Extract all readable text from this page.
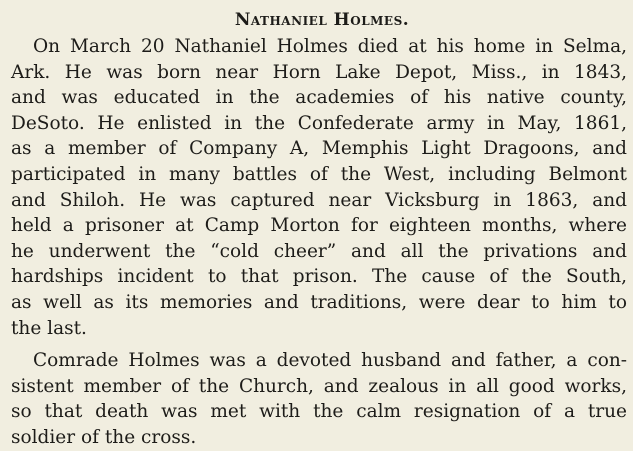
Nathaniel Holmes.

On March 20 Nathaniel Holmes died at his home in Selma,
Ark. He was born near Horn Lake Depot, Miss., in 1843,
and was educated in the academies of his native county,
DeSoto. He enlisted in the Confederate army in May, 1861,
as a member of Company A, Memphis Light Dragoons, and
participated in many battles of the West, including Belmont
and Shiloh. He was captured near Vicksburg in 1863, and
held a prisoner at Camp Morton for eighteen months, where
he underwent the “cold cheer” and all the privations and
hardships incident to that prison. The cause of the South,
as well as its memories and traditions, were dear to him to
the last.

Comrade Holmes was a devoted husband and father, a con-
sistent member of the Church, and zealous in all good works,
so that death was met with the calm resignation of a true
soldier of the cross.
